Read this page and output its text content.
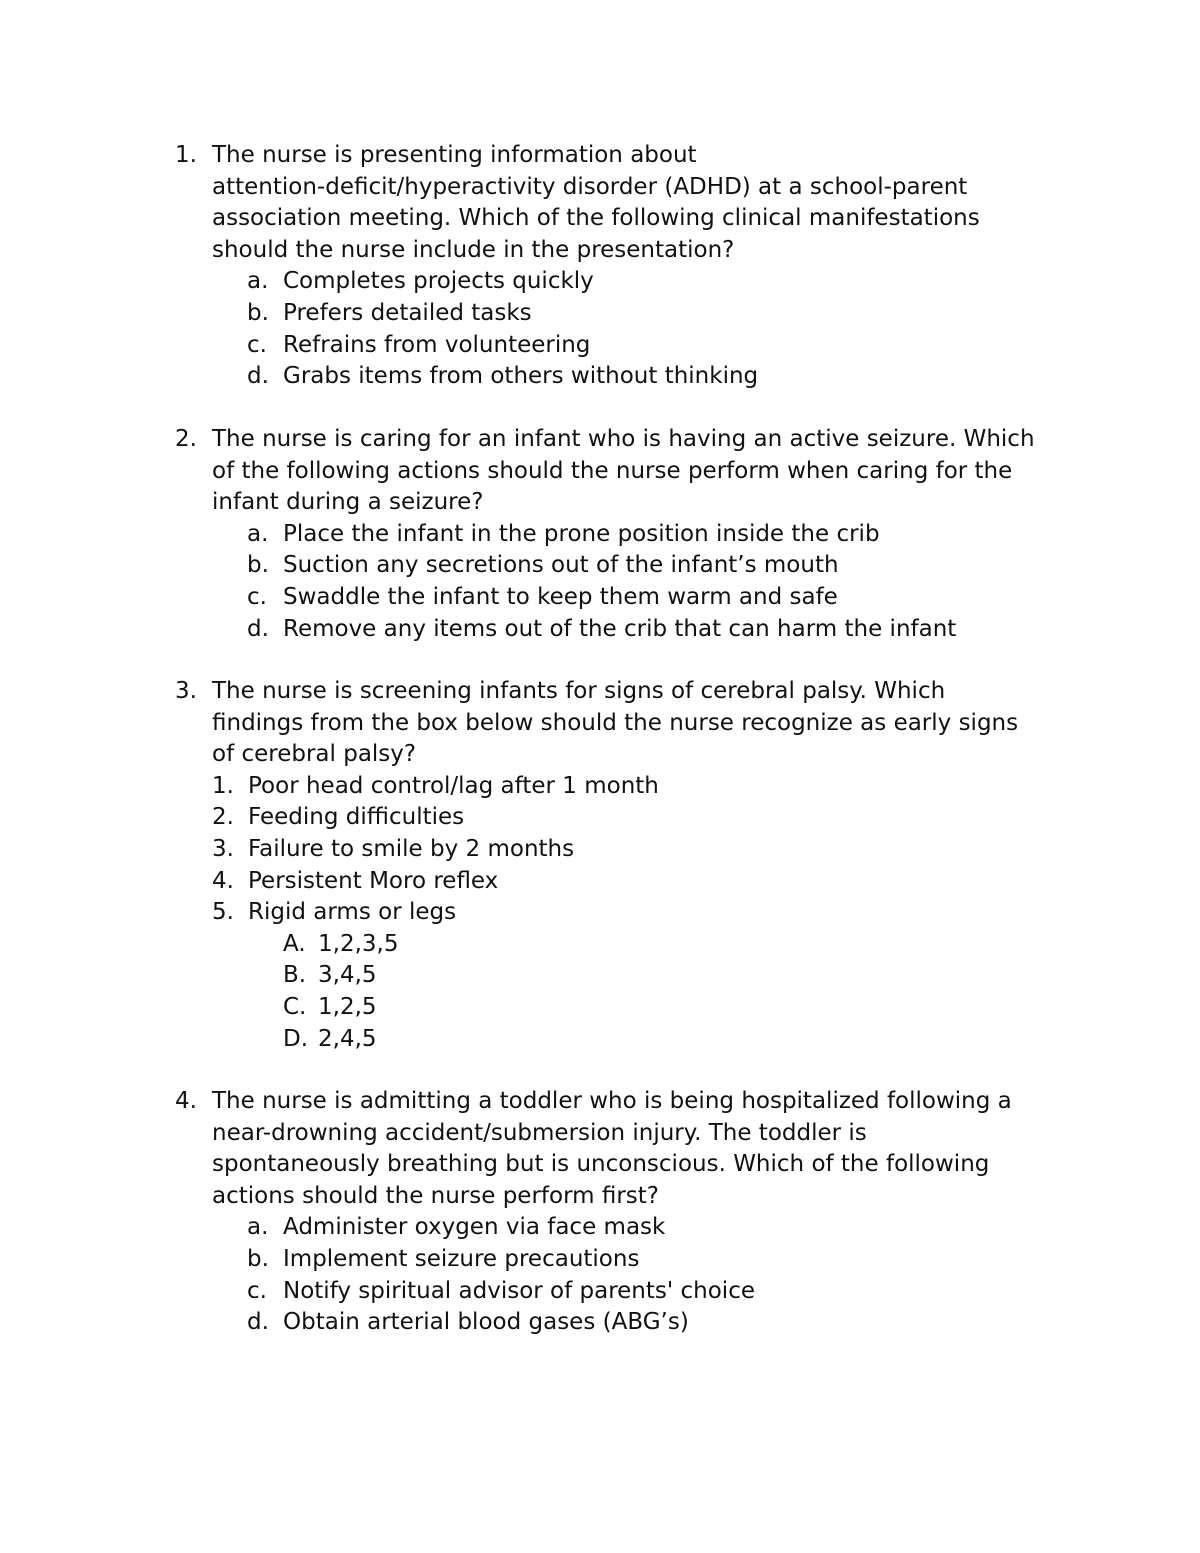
1. The nurse is presenting information about
attention-deficit/hyperactivity disorder (ADHD) at a school-parent
association meeting. Which of the following clinical manifestations
should the nurse include in the presentation?
a. Completes projects quickly
b. Prefers detailed tasks
c. Refrains from volunteering
d. Grabs items from others without thinking
2. The nurse is caring for an infant who is having an active seizure. Which
of the following actions should the nurse perform when caring for the
infant during a seizure?
a. Place the infant in the prone position inside the crib
b. Suction any secretions out of the infant’s mouth
c. Swaddle the infant to keep them warm and safe
d. Remove any items out of the crib that can harm the infant
3. The nurse is screening infants for signs of cerebral palsy. Which
findings from the box below should the nurse recognize as early signs
of cerebral palsy?
1. Poor head control/lag after 1 month
2. Feeding difficulties
3. Failure to smile by 2 months
4. Persistent Moro reflex
5. Rigid arms or legs
A. 1,2,3,5
B. 3,4,5
C. 1,2,5
D. 2,4,5
4. The nurse is admitting a toddler who is being hospitalized following a
near-drowning accident/submersion injury. The toddler is
spontaneously breathing but is unconscious. Which of the following
actions should the nurse perform first?
a. Administer oxygen via face mask
b. Implement seizure precautions
c. Notify spiritual advisor of parents' choice
d. Obtain arterial blood gases (ABG’s)
